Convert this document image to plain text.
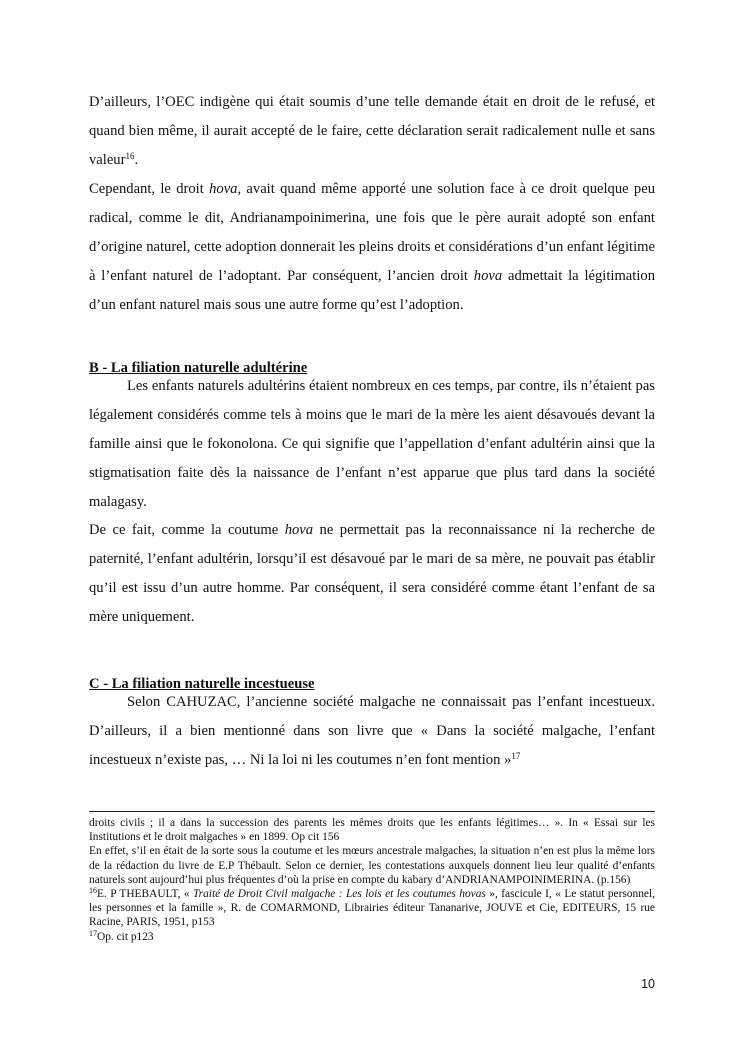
D’ailleurs, l’OEC indigène qui était soumis d’une telle demande était en droit de le refusé, et quand bien même, il aurait accepté de le faire, cette déclaration serait radicalement nulle et sans valeur$^{16}$.

Cependant, le droit hova, avait quand même apporté une solution face à ce droit quelque peu radical, comme le dit, Andrianampoinimerina, une fois que le père aurait adopté son enfant d’origine naturel, cette adoption donnerait les pleins droits et considérations d’un enfant légitime à l’enfant naturel de l’adoptant. Par conséquent, l’ancien droit hova admettait la légitimation d’un enfant naturel mais sous une autre forme qu’est l’adoption.

B - La filiation naturelle adultérine

Les enfants naturels adultérins étaient nombreux en ces temps, par contre, ils n’étaient pas légalement considérés comme tels à moins que le mari de la mère les aient désavoués devant la famille ainsi que le fokonolona. Ce qui signifie que l’appellation d’enfant adultérin ainsi que la stigmatisation faite dès la naissance de l’enfant n’est apparue que plus tard dans la société malagasy.

De ce fait, comme la coutume hova ne permettait pas la reconnaissance ni la recherche de paternité, l’enfant adultérin, lorsqu’il est désavoué par le mari de sa mère, ne pouvait pas établir qu’il est issu d’un autre homme. Par conséquent, il sera considéré comme étant l’enfant de sa mère uniquement.

C - La filiation naturelle incestueuse

Selon CAHUZAC, l’ancienne société malgache ne connaissait pas l’enfant incestueux. D’ailleurs, il a bien mentionné dans son livre que « Dans la société malgache, l’enfant incestueux n’existe pas, … Ni la loi ni les coutumes n’en font mention »$^{17}$

droits civils ; il a dans la succession des parents les mêmes droits que les enfants légitimes… ». In « Essai sur les Institutions et le droit malgaches » en 1899. Op cit 156

En effet, s’il en était de la sorte sous la coutume et les mœurs ancestrale malgaches, la situation n’en est plus la même lors de la rédaction du livre de E.P Thébault. Selon ce dernier, les contestations auxquels donnent lieu leur qualité d’enfants naturels sont aujourd’hui plus fréquentes d’où la prise en compte du kabary d’ANDRIANAMPOINIMERINA. (p.156)

$^{16}$E. P THEBAULT, « Traité de Droit Civil malgache : Les lois et les coutumes hovas », fascicule I, « Le statut personnel, les personnes et la famille », R. de COMARMOND, Librairies éditeur Tananarive, JOUVE et Cie, EDITEURS, 15 rue Racine, PARIS, 1951, p153

$^{17}$Op. cit p123

10
